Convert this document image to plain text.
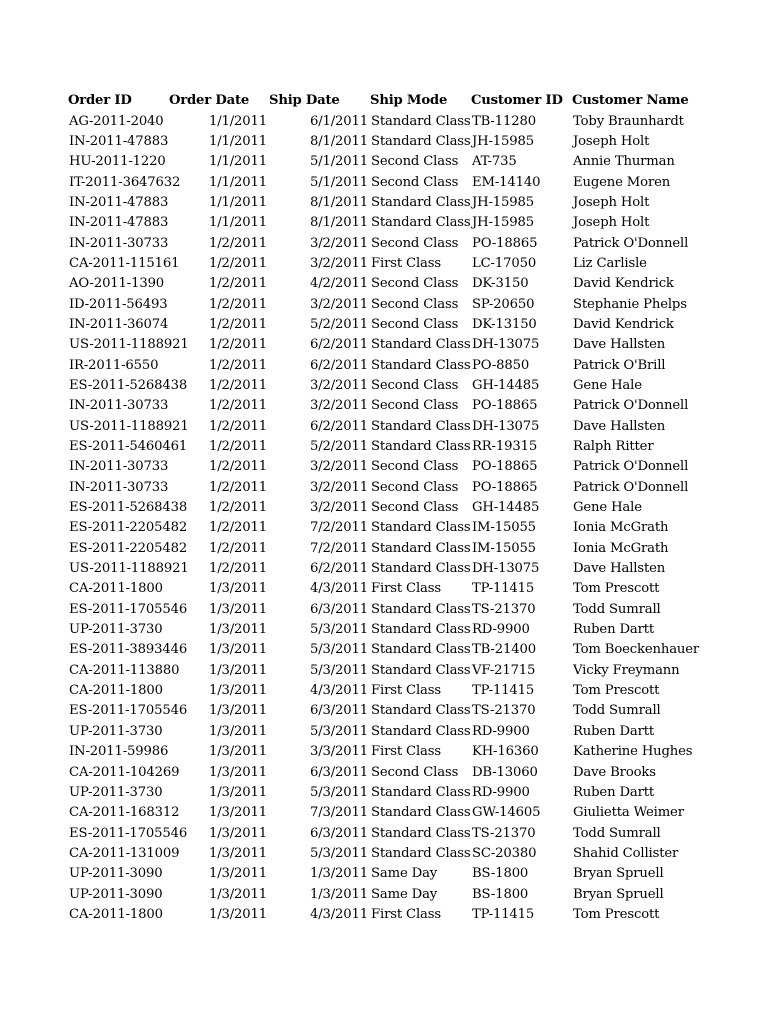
Order ID	Order Date	Ship Date	Ship Mode	Customer ID	Customer Name
AG-2011-2040	1/1/2011	6/1/2011	Standard Class	TB-11280	Toby Braunhardt
IN-2011-47883	1/1/2011	8/1/2011	Standard Class	JH-15985	Joseph Holt
HU-2011-1220	1/1/2011	5/1/2011	Second Class	AT-735	Annie Thurman
IT-2011-3647632	1/1/2011	5/1/2011	Second Class	EM-14140	Eugene Moren
IN-2011-47883	1/1/2011	8/1/2011	Standard Class	JH-15985	Joseph Holt
IN-2011-47883	1/1/2011	8/1/2011	Standard Class	JH-15985	Joseph Holt
IN-2011-30733	1/2/2011	3/2/2011	Second Class	PO-18865	Patrick O'Donnell
CA-2011-115161	1/2/2011	3/2/2011	First Class	LC-17050	Liz Carlisle
AO-2011-1390	1/2/2011	4/2/2011	Second Class	DK-3150	David Kendrick
ID-2011-56493	1/2/2011	3/2/2011	Second Class	SP-20650	Stephanie Phelps
IN-2011-36074	1/2/2011	5/2/2011	Second Class	DK-13150	David Kendrick
US-2011-1188921	1/2/2011	6/2/2011	Standard Class	DH-13075	Dave Hallsten
IR-2011-6550	1/2/2011	6/2/2011	Standard Class	PO-8850	Patrick O'Brill
ES-2011-5268438	1/2/2011	3/2/2011	Second Class	GH-14485	Gene Hale
IN-2011-30733	1/2/2011	3/2/2011	Second Class	PO-18865	Patrick O'Donnell
US-2011-1188921	1/2/2011	6/2/2011	Standard Class	DH-13075	Dave Hallsten
ES-2011-5460461	1/2/2011	5/2/2011	Standard Class	RR-19315	Ralph Ritter
IN-2011-30733	1/2/2011	3/2/2011	Second Class	PO-18865	Patrick O'Donnell
IN-2011-30733	1/2/2011	3/2/2011	Second Class	PO-18865	Patrick O'Donnell
ES-2011-5268438	1/2/2011	3/2/2011	Second Class	GH-14485	Gene Hale
ES-2011-2205482	1/2/2011	7/2/2011	Standard Class	IM-15055	Ionia McGrath
ES-2011-2205482	1/2/2011	7/2/2011	Standard Class	IM-15055	Ionia McGrath
US-2011-1188921	1/2/2011	6/2/2011	Standard Class	DH-13075	Dave Hallsten
CA-2011-1800	1/3/2011	4/3/2011	First Class	TP-11415	Tom Prescott
ES-2011-1705546	1/3/2011	6/3/2011	Standard Class	TS-21370	Todd Sumrall
UP-2011-3730	1/3/2011	5/3/2011	Standard Class	RD-9900	Ruben Dartt
ES-2011-3893446	1/3/2011	5/3/2011	Standard Class	TB-21400	Tom Boeckenhauer
CA-2011-113880	1/3/2011	5/3/2011	Standard Class	VF-21715	Vicky Freymann
CA-2011-1800	1/3/2011	4/3/2011	First Class	TP-11415	Tom Prescott
ES-2011-1705546	1/3/2011	6/3/2011	Standard Class	TS-21370	Todd Sumrall
UP-2011-3730	1/3/2011	5/3/2011	Standard Class	RD-9900	Ruben Dartt
IN-2011-59986	1/3/2011	3/3/2011	First Class	KH-16360	Katherine Hughes
CA-2011-104269	1/3/2011	6/3/2011	Second Class	DB-13060	Dave Brooks
UP-2011-3730	1/3/2011	5/3/2011	Standard Class	RD-9900	Ruben Dartt
CA-2011-168312	1/3/2011	7/3/2011	Standard Class	GW-14605	Giulietta Weimer
ES-2011-1705546	1/3/2011	6/3/2011	Standard Class	TS-21370	Todd Sumrall
CA-2011-131009	1/3/2011	5/3/2011	Standard Class	SC-20380	Shahid Collister
UP-2011-3090	1/3/2011	1/3/2011	Same Day	BS-1800	Bryan Spruell
UP-2011-3090	1/3/2011	1/3/2011	Same Day	BS-1800	Bryan Spruell
CA-2011-1800	1/3/2011	4/3/2011	First Class	TP-11415	Tom Prescott
